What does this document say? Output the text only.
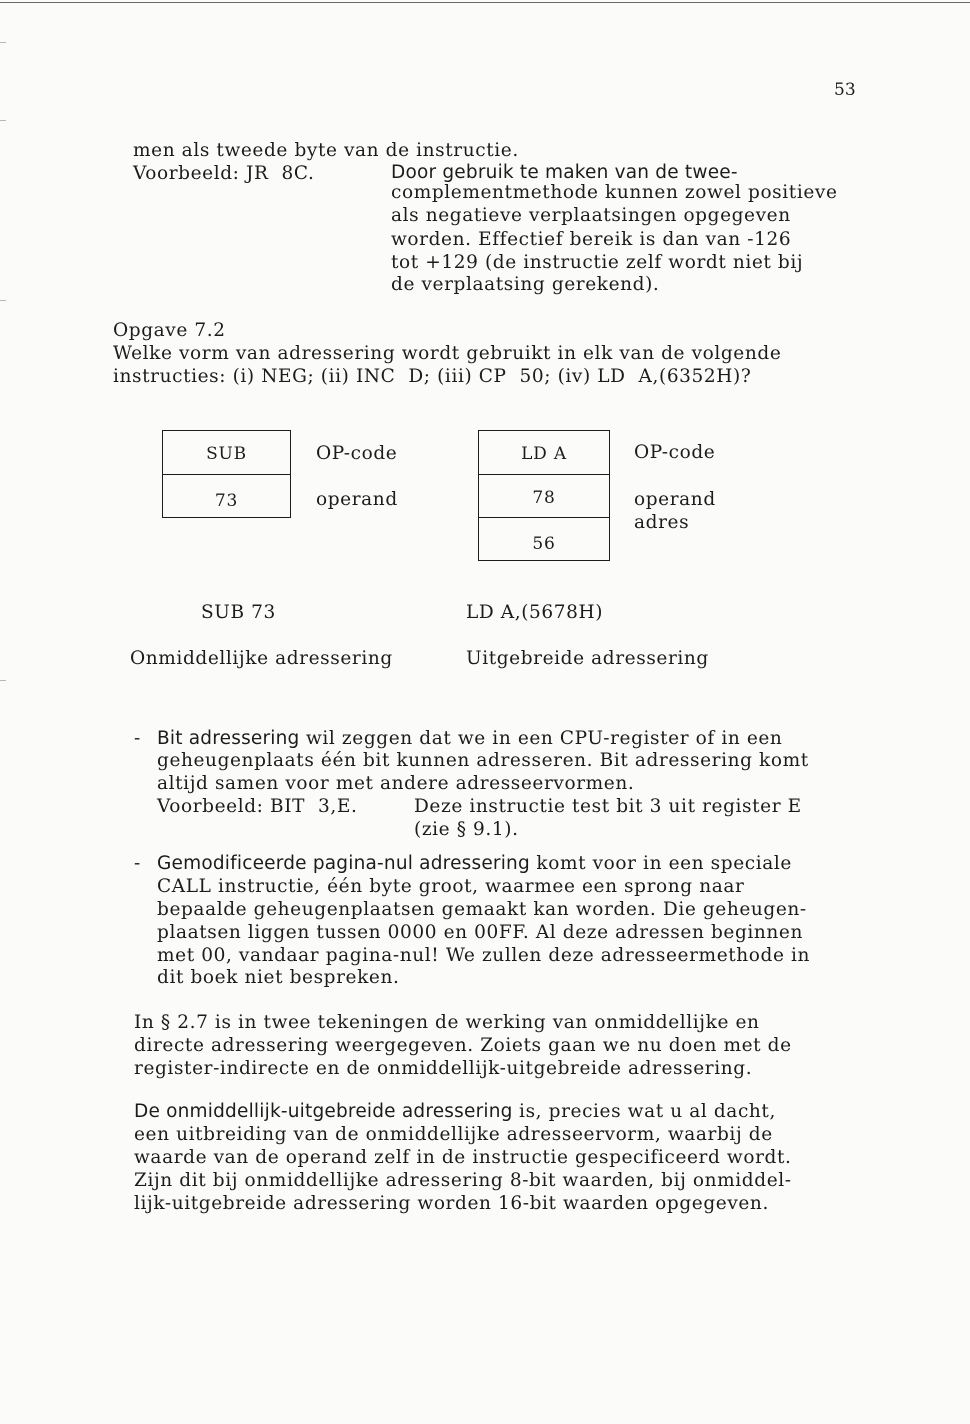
53
men als tweede byte van de instructie.
Voorbeeld: JR  8C.	Door gebruik te maken van de twee-
complementmethode kunnen zowel positieve
als negatieve verplaatsingen opgegeven
worden. Effectief bereik is dan van -126
tot +129 (de instructie zelf wordt niet bij
de verplaatsing gerekend).
Opgave 7.2
Welke vorm van adressering wordt gebruikt in elk van de volgende
instructies: (i) NEG; (ii) INC  D; (iii) CP  50; (iv) LD  A,(6352H)?
SUB
73
OP-code
operand
SUB 73
Onmiddellijke adressering
LD A
78
56
OP-code
operand
adres
LD A,(5678H)
Uitgebreide adressering
- Bit adressering wil zeggen dat we in een CPU-register of in een
geheugenplaats één bit kunnen adresseren. Bit adressering komt
altijd samen voor met andere adresseervormen.
Voorbeeld: BIT  3,E.	Deze instructie test bit 3 uit register E
(zie § 9.1).
- Gemodificeerde pagina-nul adressering komt voor in een speciale
CALL instructie, één byte groot, waarmee een sprong naar
bepaalde geheugenplaatsen gemaakt kan worden. Die geheugen-
plaatsen liggen tussen 0000 en 00FF. Al deze adressen beginnen
met 00, vandaar pagina-nul! We zullen deze adresseermethode in
dit boek niet bespreken.
In § 2.7 is in twee tekeningen de werking van onmiddellijke en
directe adressering weergegeven. Zoiets gaan we nu doen met de
register-indirecte en de onmiddellijk-uitgebreide adressering.
De onmiddellijk-uitgebreide adressering is, precies wat u al dacht,
een uitbreiding van de onmiddellijke adresseervorm, waarbij de
waarde van de operand zelf in de instructie gespecificeerd wordt.
Zijn dit bij onmiddellijke adressering 8-bit waarden, bij onmiddel-
lijk-uitgebreide adressering worden 16-bit waarden opgegeven.
